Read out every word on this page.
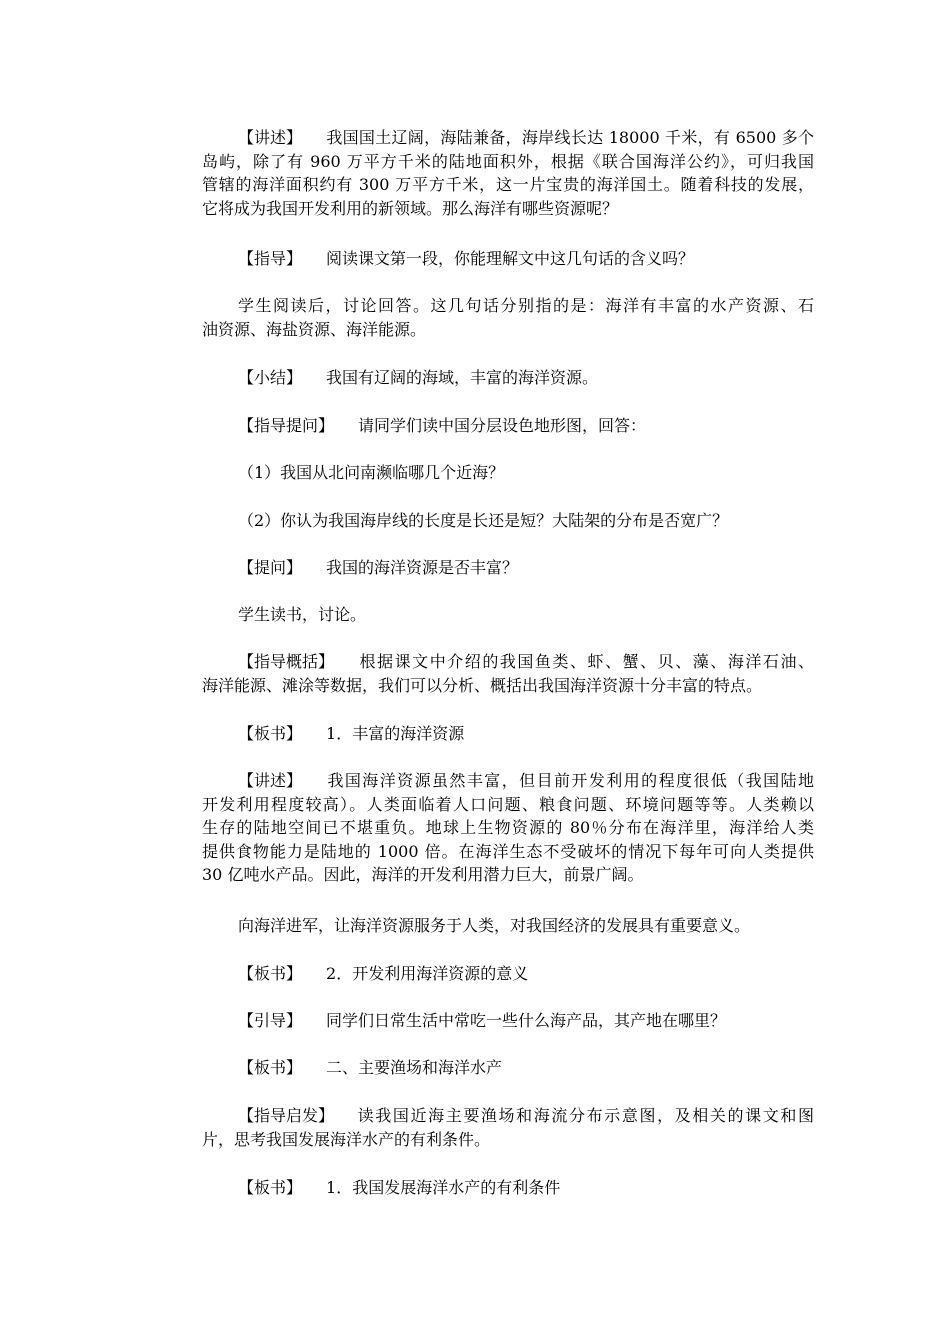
【讲述】 我国国土辽阔，海陆兼备，海岸线长达 18000 千米，有 6500 多个
岛屿，除了有 960 万平方千米的陆地面积外，根据《联合国海洋公约》，可归我国
管辖的海洋面积约有 300 万平方千米，这一片宝贵的海洋国土。随着科技的发展，
它将成为我国开发利用的新领域。那么海洋有哪些资源呢？
【指导】 阅读课文第一段，你能理解文中这几句话的含义吗？
学生阅读后，讨论回答。这几句话分别指的是：海洋有丰富的水产资源、石
油资源、海盐资源、海洋能源。
【小结】 我国有辽阔的海域，丰富的海洋资源。
【指导提问】 请同学们读中国分层设色地形图，回答：
（1）我国从北问南濒临哪几个近海？
（2）你认为我国海岸线的长度是长还是短？大陆架的分布是否宽广？
【提问】 我国的海洋资源是否丰富？
学生读书，讨论。
【指导概括】 根据课文中介绍的我国鱼类、虾、蟹、贝、藻、海洋石油、
海洋能源、滩涂等数据，我们可以分析、概括出我国海洋资源十分丰富的特点。
【板书】 1．丰富的海洋资源
【讲述】 我国海洋资源虽然丰富，但目前开发利用的程度很低（我国陆地
开发利用程度较高）。人类面临着人口问题、粮食问题、环境问题等等。人类赖以
生存的陆地空间已不堪重负。地球上生物资源的 80％分布在海洋里，海洋给人类
提供食物能力是陆地的 1000 倍。在海洋生态不受破坏的情况下每年可向人类提供
30 亿吨水产品。因此，海洋的开发利用潜力巨大，前景广阔。
向海洋进军，让海洋资源服务于人类，对我国经济的发展具有重要意义。
【板书】 2．开发利用海洋资源的意义
【引导】 同学们日常生活中常吃一些什么海产品，其产地在哪里？
【板书】 二、主要渔场和海洋水产
【指导启发】 读我国近海主要渔场和海流分布示意图，及相关的课文和图
片，思考我国发展海洋水产的有利条件。
【板书】 1．我国发展海洋水产的有利条件
